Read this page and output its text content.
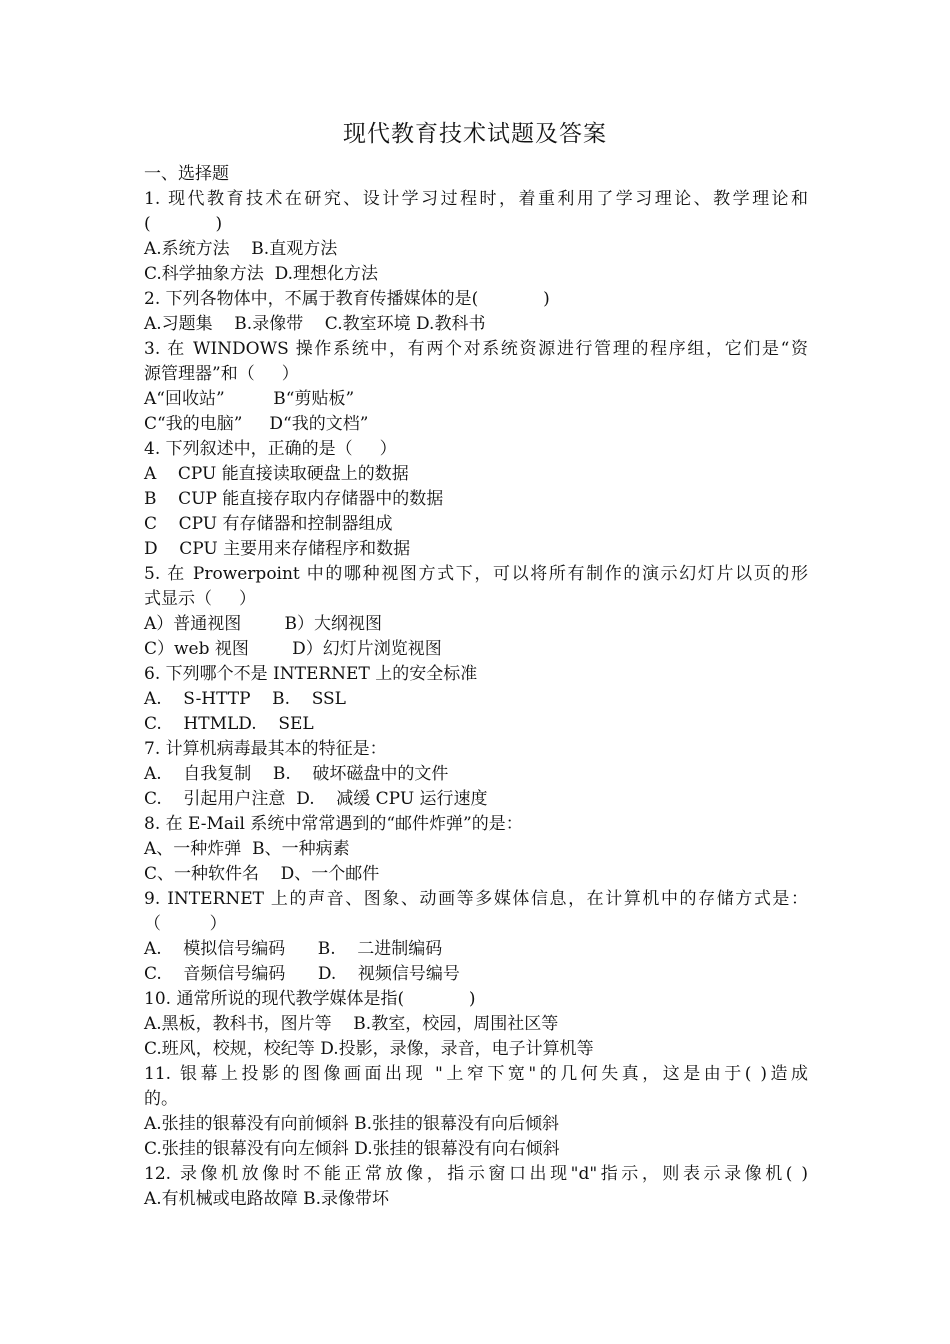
现代教育技术试题及答案
一、选择题
1. 现代教育技术在研究、设计学习过程时，着重利用了学习理论、教学理论和
(            )
A.系统方法    B.直观方法
C.科学抽象方法  D.理想化方法
2. 下列各物体中，不属于教育传播媒体的是(            )
A.习题集    B.录像带    C.教室环境 D.教科书
3. 在 WINDOWS 操作系统中，有两个对系统资源进行管理的程序组，它们是“资
源管理器”和（     ）
A“回收站”         B“剪贴板”
C“我的电脑”     D“我的文档”
4. 下列叙述中，正确的是（     ）
A    CPU 能直接读取硬盘上的数据
B    CUP 能直接存取内存储器中的数据
C    CPU 有存储器和控制器组成
D    CPU 主要用来存储程序和数据
5. 在 Prowerpoint 中的哪种视图方式下，可以将所有制作的演示幻灯片以页的形
式显示（     ）
A）普通视图        B）大纲视图
C）web 视图        D）幻灯片浏览视图
6. 下列哪个不是 INTERNET 上的安全标准
A.    S-HTTP    B.    SSL
C.    HTMLD.    SEL
7. 计算机病毒最其本的特征是：
A.    自我复制    B.    破坏磁盘中的文件
C.    引起用户注意  D.    减缓 CPU 运行速度
8. 在 E-Mail 系统中常常遇到的“邮件炸弹”的是：
A、一种炸弹  B、一种病素
C、一种软件名    D、一个邮件
9. INTERNET 上的声音、图象、动画等多媒体信息，在计算机中的存储方式是：
（         ）
A.    模拟信号编码      B.    二进制编码
C.    音频信号编码      D.    视频信号编号
10. 通常所说的现代教学媒体是指(            )
A.黑板，教科书，图片等    B.教室，校园，周围社区等
C.班风，校规，校纪等 D.投影，录像，录音，电子计算机等
11. 银幕上投影的图像画面出现 "上窄下宽"的几何失真，这是由于( )造成
的。
A.张挂的银幕没有向前倾斜 B.张挂的银幕没有向后倾斜
C.张挂的银幕没有向左倾斜 D.张挂的银幕没有向右倾斜
12. 录像机放像时不能正常放像，指示窗口出现"d"指示，则表示录像机( )
A.有机械或电路故障 B.录像带坏
